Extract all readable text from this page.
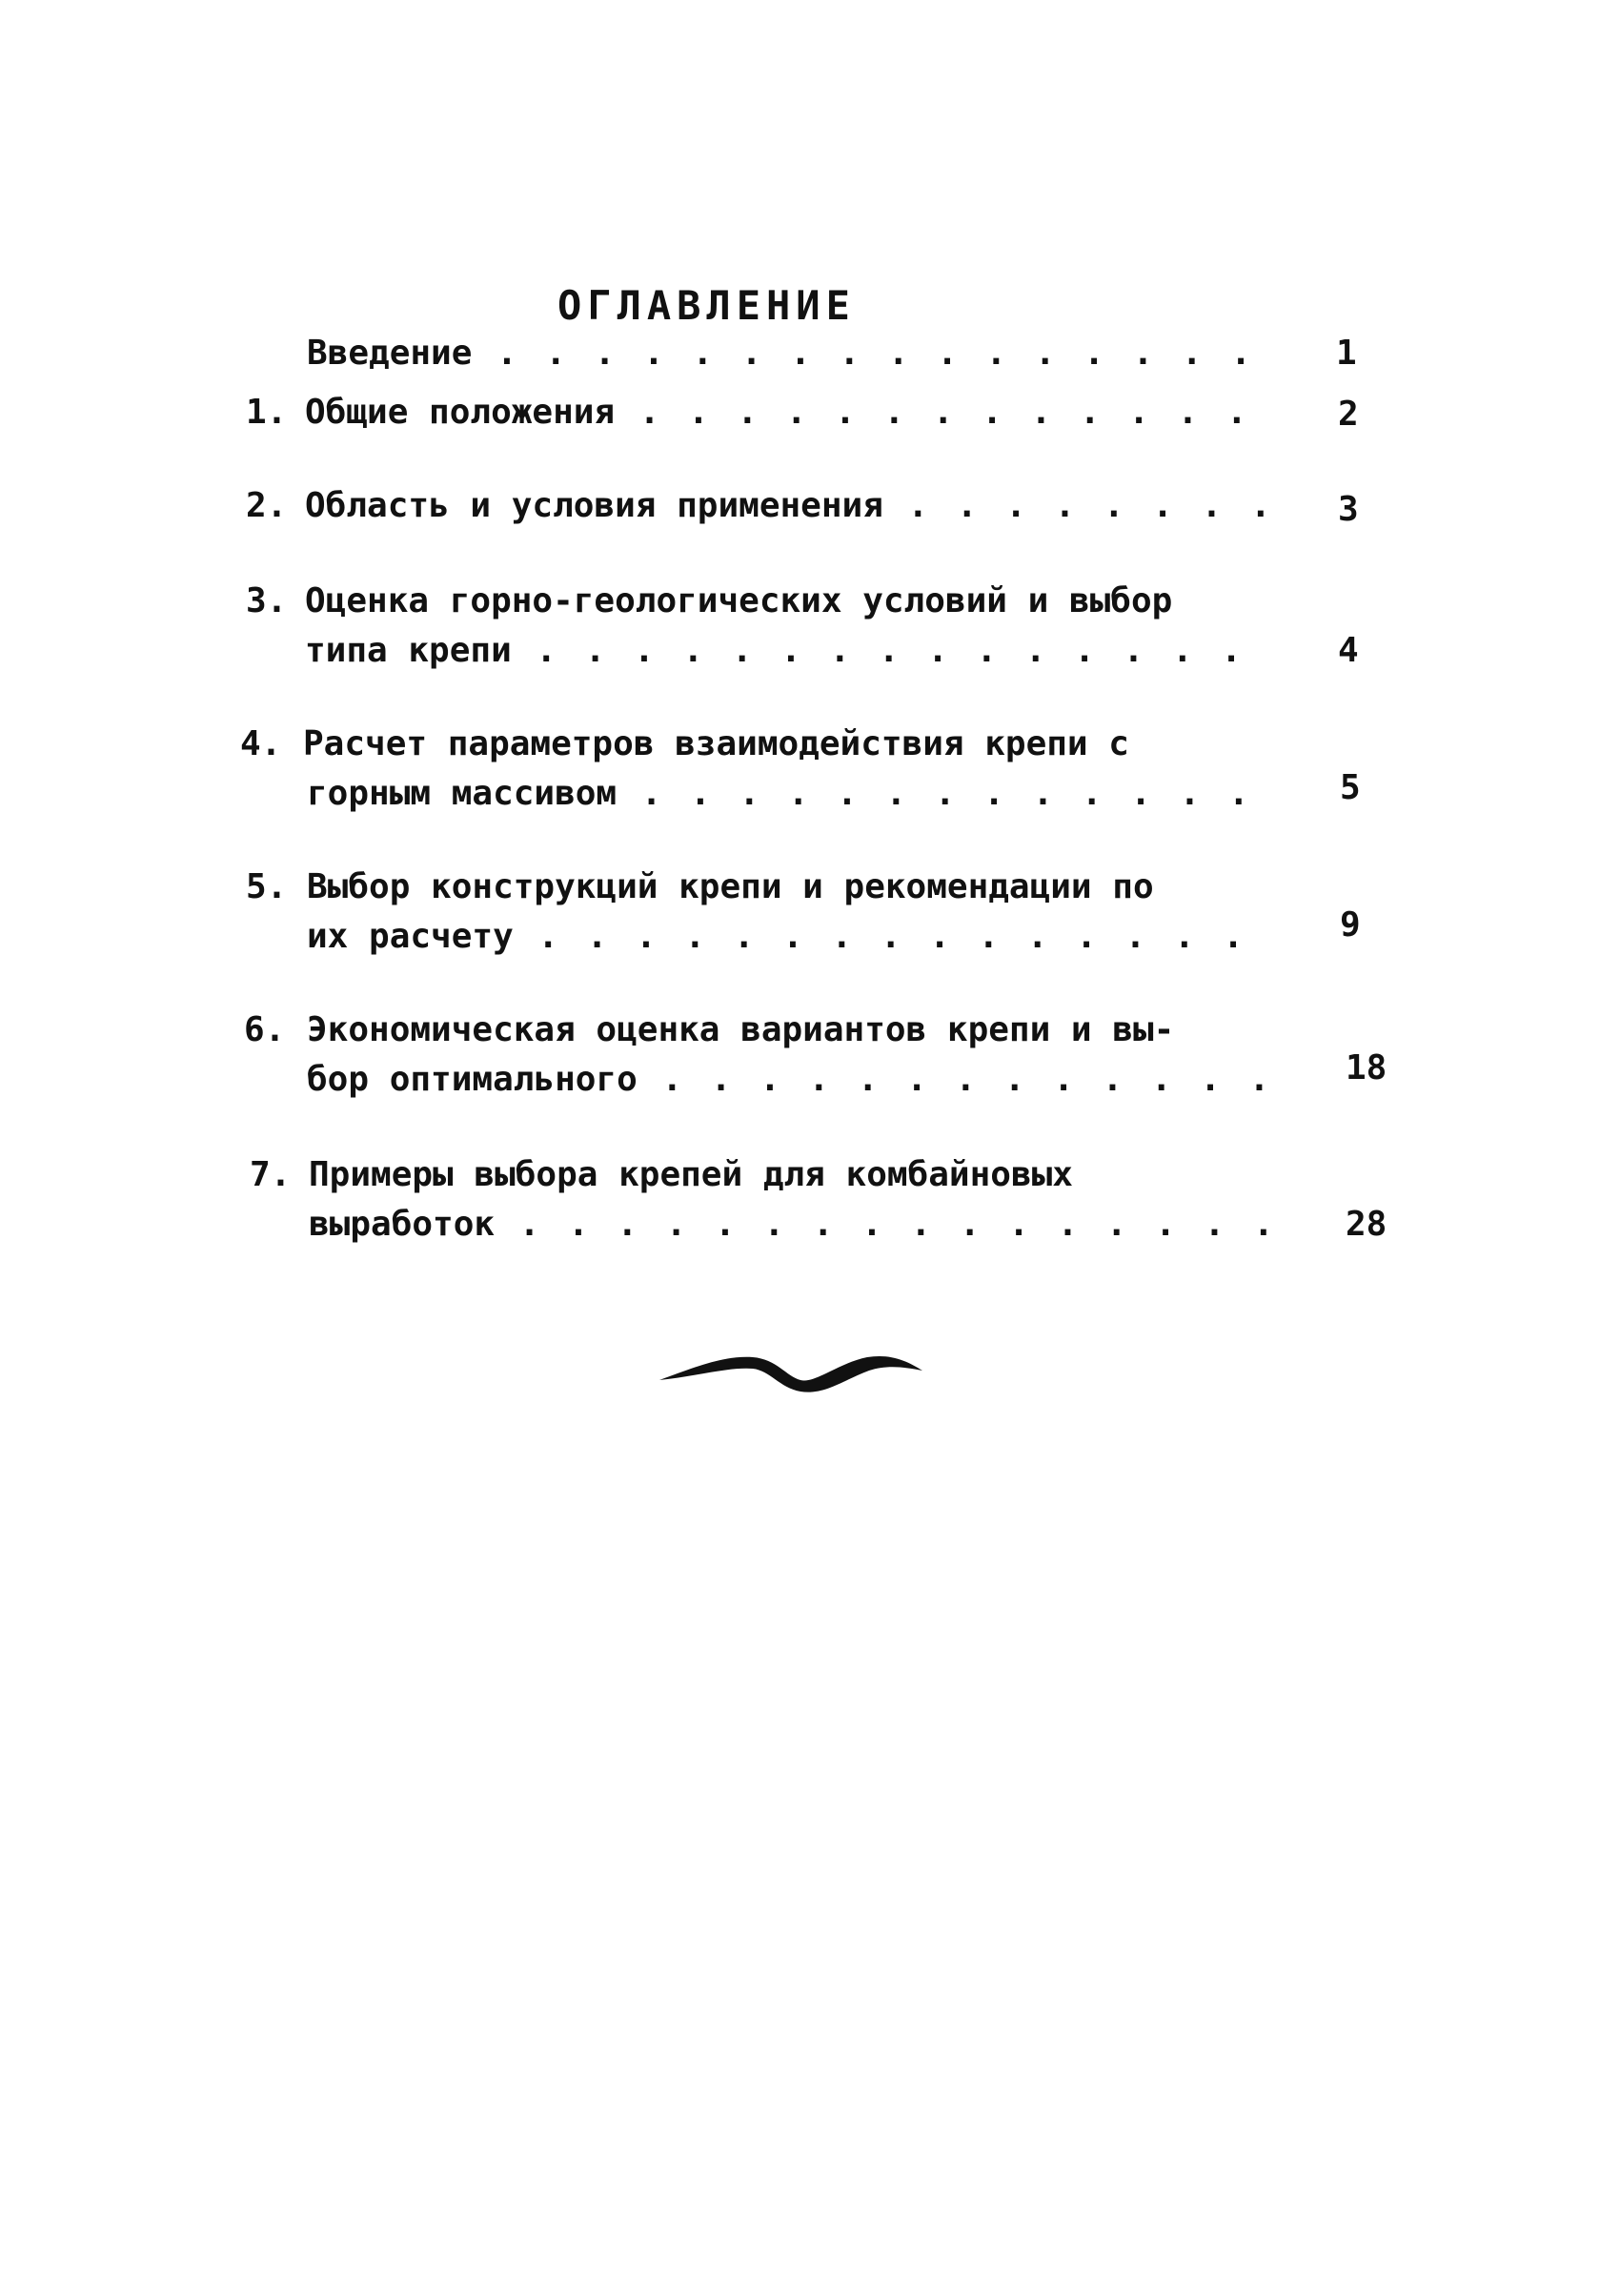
ОГЛАВЛЕНИЕ
Введение . . .	1
1. Общие положения . . .	2
2. Область и условия применения . . .	3
3. Оценка горно-геологических условий и выбор
типа крепи . . .	4
4. Расчет параметров взаимодействия крепи с
горным массивом . . .	5
5. Выбор конструкций крепи и рекомендации по
их расчету . . .	9
6. Экономическая оценка вариантов крепи и вы-
бор оптимального . . .	18
7. Примеры выбора крепей для комбайновых
выработок . . .	28
